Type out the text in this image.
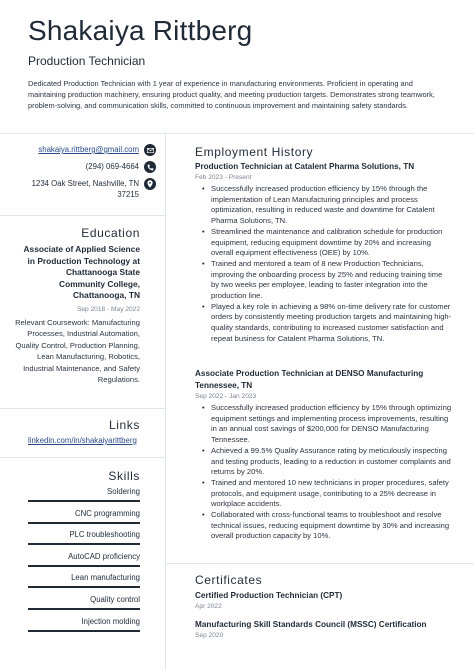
Shakaiya Rittberg
Production Technician
Dedicated Production Technician with 1 year of experience in manufacturing environments. Proficient in operating and maintaining production machinery, ensuring product quality, and meeting production targets. Demonstrates strong teamwork, problem-solving, and communication skills, committed to continuous improvement and maintaining safety standards.
shakaiya.rittberg@gmail.com
(294) 069-4664
1234 Oak Street, Nashville, TN
37215
Education
Associate of Applied Science in Production Technology at Chattanooga State Community College, Chattanooga, TN
Sep 2018 - May 2022
Relevant Coursework: Manufacturing Processes, Industrial Automation, Quality Control, Production Planning, Lean Manufacturing, Robotics, Industrial Maintenance, and Safety Regulations.
Links
linkedin.com/in/shakaiyarittberg
Skills
Soldering
CNC programming
PLC troubleshooting
AutoCAD proficiency
Lean manufacturing
Quality control
Injection molding
Employment History
Production Technician at Catalent Pharma Solutions, TN
Feb 2023 - Present
• Successfully increased production efficiency by 15% through the implementation of Lean Manufacturing principles and process optimization, resulting in reduced waste and downtime for Catalent Pharma Solutions, TN.
• Streamlined the maintenance and calibration schedule for production equipment, reducing equipment downtime by 20% and increasing overall equipment effectiveness (OEE) by 10%.
• Trained and mentored a team of 8 new Production Technicians, improving the onboarding process by 25% and reducing training time by two weeks per employee, leading to faster integration into the production line.
• Played a key role in achieving a 98% on-time delivery rate for customer orders by consistently meeting production targets and maintaining high-quality standards, contributing to increased customer satisfaction and repeat business for Catalent Pharma Solutions, TN.
Associate Production Technician at DENSO Manufacturing Tennessee, TN
Sep 2022 - Jan 2023
• Successfully increased production efficiency by 15% through optimizing equipment settings and implementing process improvements, resulting in an annual cost savings of $200,000 for DENSO Manufacturing Tennessee.
• Achieved a 99.5% Quality Assurance rating by meticulously inspecting and testing products, leading to a reduction in customer complaints and returns by 20%.
• Trained and mentored 10 new technicians in proper procedures, safety protocols, and equipment usage, contributing to a 25% decrease in workplace accidents.
• Collaborated with cross-functional teams to troubleshoot and resolve technical issues, reducing equipment downtime by 30% and increasing overall production capacity by 10%.
Certificates
Certified Production Technician (CPT)
Apr 2022
Manufacturing Skill Standards Council (MSSC) Certification
Sep 2020
